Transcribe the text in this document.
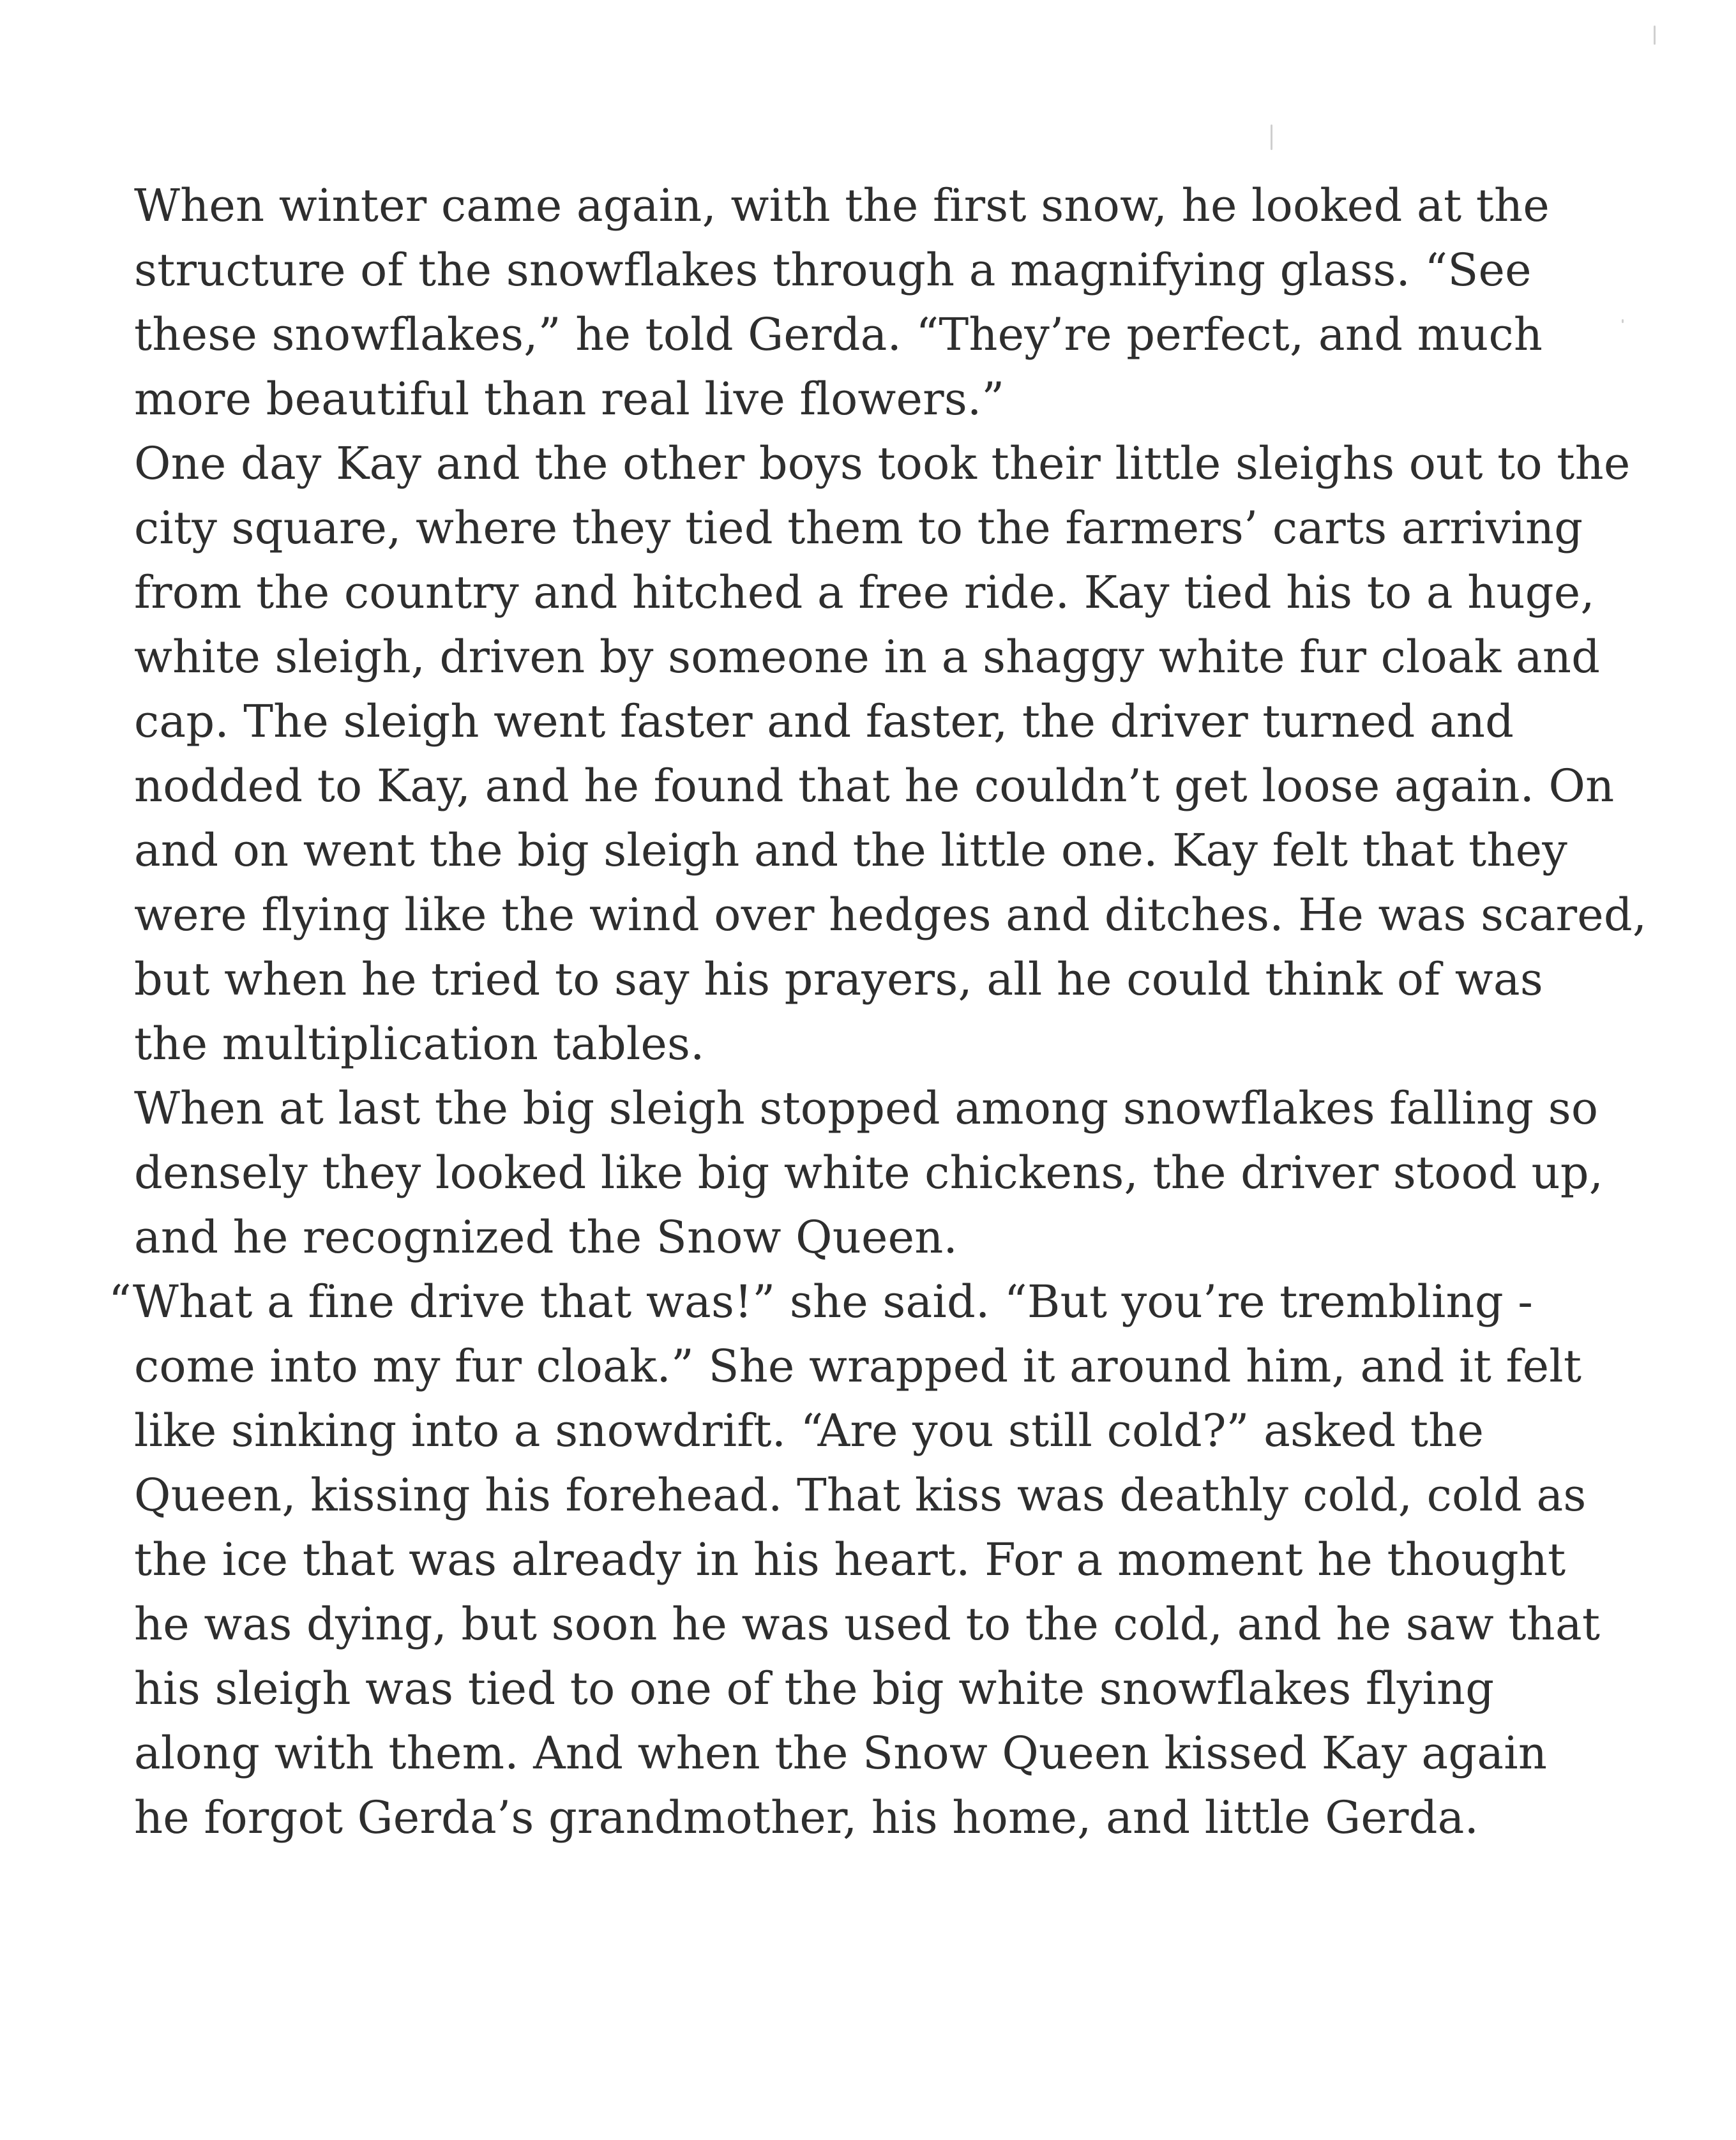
When winter came again, with the first snow, he looked at the
structure of the snowflakes through a magnifying glass. “See
these snowflakes,” he told Gerda. “They’re perfect, and much
more beautiful than real live flowers.”
One day Kay and the other boys took their little sleighs out to the
city square, where they tied them to the farmers’ carts arriving
from the country and hitched a free ride. Kay tied his to a huge,
white sleigh, driven by someone in a shaggy white fur cloak and
cap. The sleigh went faster and faster, the driver turned and
nodded to Kay, and he found that he couldn’t get loose again. On
and on went the big sleigh and the little one. Kay felt that they
were flying like the wind over hedges and ditches. He was scared,
but when he tried to say his prayers, all he could think of was
the multiplication tables.
When at last the big sleigh stopped among snowflakes falling so
densely they looked like big white chickens, the driver stood up,
and he recognized the Snow Queen.
“What a fine drive that was!” she said. “But you’re trembling -
come into my fur cloak.” She wrapped it around him, and it felt
like sinking into a snowdrift. “Are you still cold?” asked the
Queen, kissing his forehead. That kiss was deathly cold, cold as
the ice that was already in his heart. For a moment he thought
he was dying, but soon he was used to the cold, and he saw that
his sleigh was tied to one of the big white snowflakes flying
along with them. And when the Snow Queen kissed Kay again
he forgot Gerda’s grandmother, his home, and little Gerda.
